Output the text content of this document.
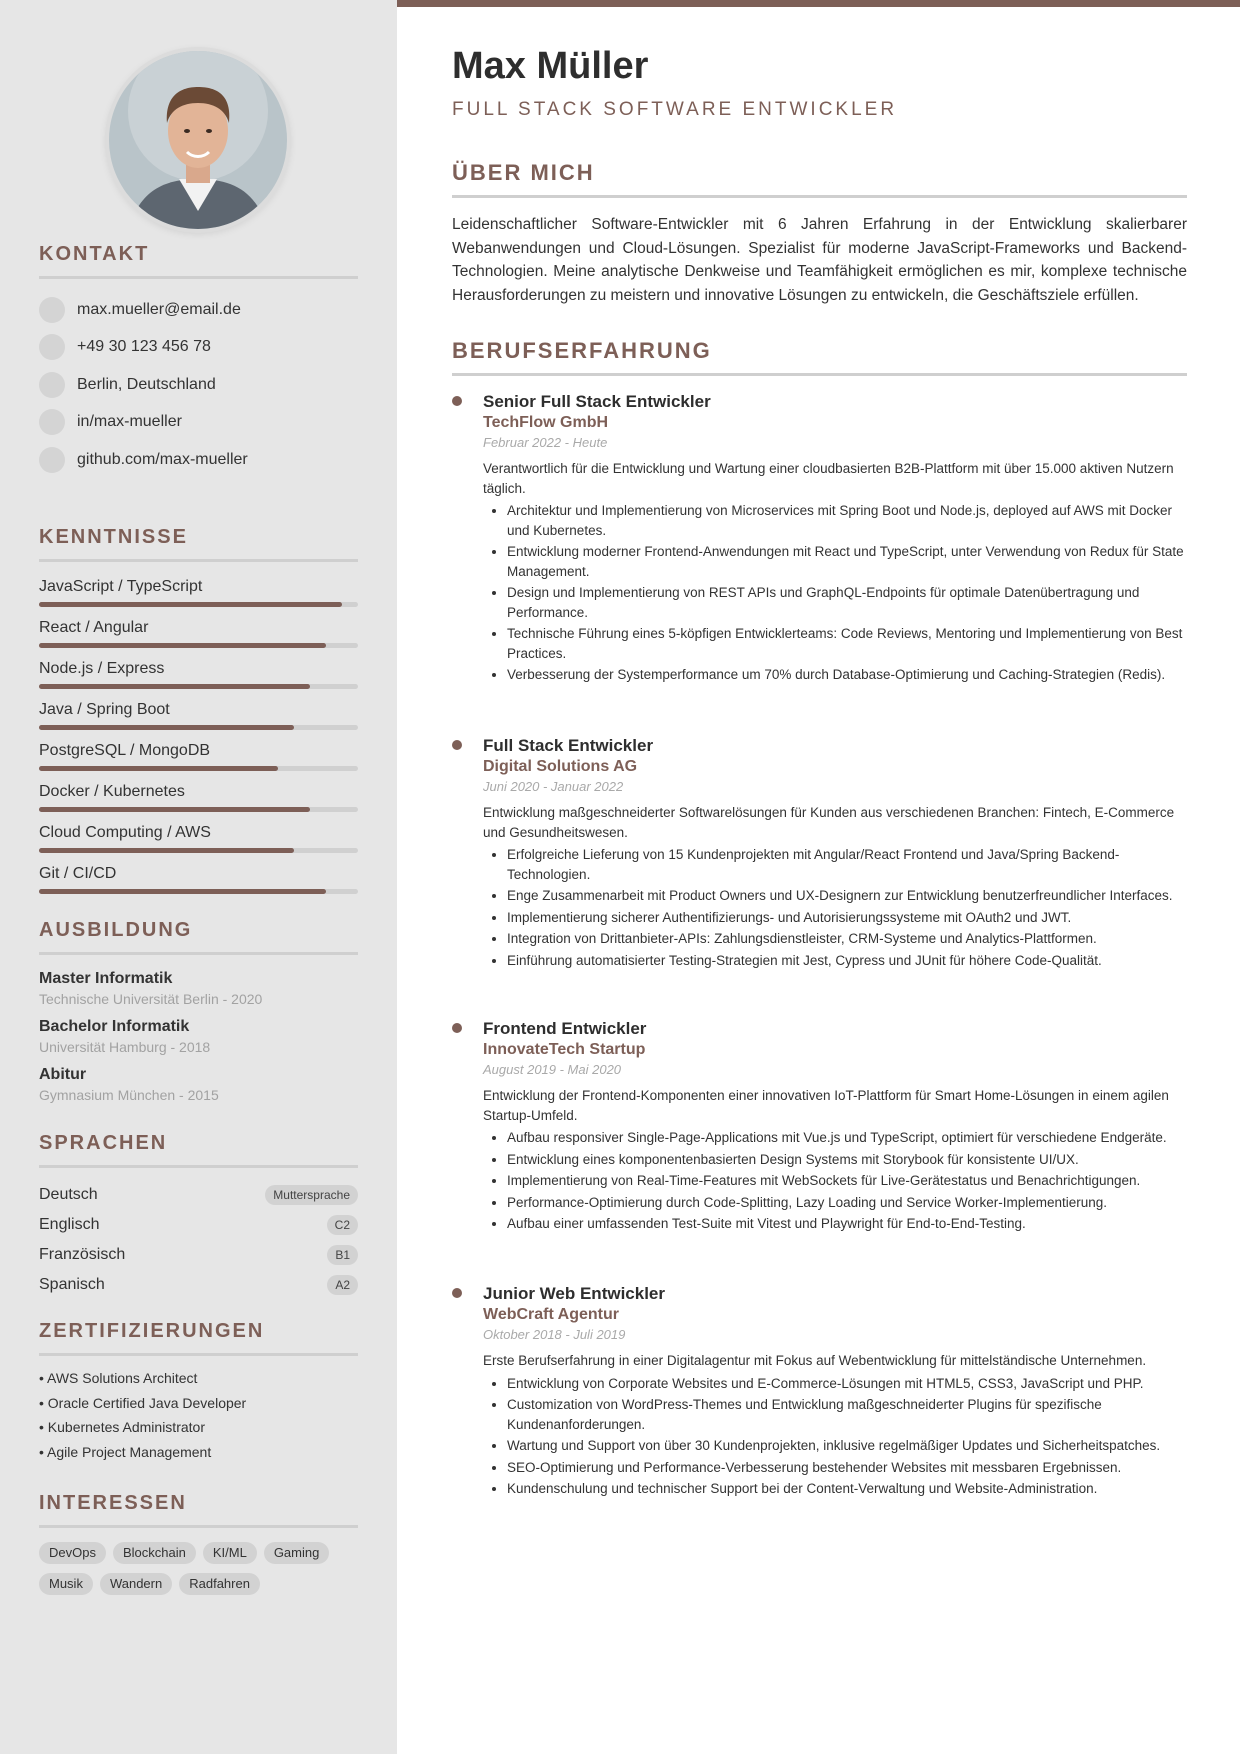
KONTAKT
max.mueller@email.de
+49 30 123 456 78
Berlin, Deutschland
in/max-mueller
github.com/max-mueller
KENNTNISSE
JavaScript / TypeScript
React / Angular
Node.js / Express
Java / Spring Boot
PostgreSQL / MongoDB
Docker / Kubernetes
Cloud Computing / AWS
Git / CI/CD
AUSBILDUNG
Master Informatik
Technische Universität Berlin - 2020
Bachelor Informatik
Universität Hamburg - 2018
Abitur
Gymnasium München - 2015
SPRACHEN
Deutsch	Muttersprache
Englisch	C2
Französisch	B1
Spanisch	A2
ZERTIFIZIERUNGEN
• AWS Solutions Architect
• Oracle Certified Java Developer
• Kubernetes Administrator
• Agile Project Management
INTERESSEN
DevOps	Blockchain	KI/ML	Gaming
Musik	Wandern	Radfahren
Max Müller
FULL STACK SOFTWARE ENTWICKLER
ÜBER MICH
Leidenschaftlicher Software-Entwickler mit 6 Jahren Erfahrung in der Entwicklung skalierbarer Webanwendungen und Cloud-Lösungen. Spezialist für moderne JavaScript-Frameworks und Backend-Technologien. Meine analytische Denkweise und Teamfähigkeit ermöglichen es mir, komplexe technische Herausforderungen zu meistern und innovative Lösungen zu entwickeln, die Geschäftsziele erfüllen.
BERUFSERFAHRUNG
Senior Full Stack Entwickler
TechFlow GmbH
Februar 2022 - Heute
Verantwortlich für die Entwicklung und Wartung einer cloudbasierten B2B-Plattform mit über 15.000 aktiven Nutzern täglich.
• Architektur und Implementierung von Microservices mit Spring Boot und Node.js, deployed auf AWS mit Docker und Kubernetes.
• Entwicklung moderner Frontend-Anwendungen mit React und TypeScript, unter Verwendung von Redux für State Management.
• Design und Implementierung von REST APIs und GraphQL-Endpoints für optimale Datenübertragung und Performance.
• Technische Führung eines 5-köpfigen Entwicklerteams: Code Reviews, Mentoring und Implementierung von Best Practices.
• Verbesserung der Systemperformance um 70% durch Database-Optimierung und Caching-Strategien (Redis).
Full Stack Entwickler
Digital Solutions AG
Juni 2020 - Januar 2022
Entwicklung maßgeschneiderter Softwarelösungen für Kunden aus verschiedenen Branchen: Fintech, E-Commerce und Gesundheitswesen.
• Erfolgreiche Lieferung von 15 Kundenprojekten mit Angular/React Frontend und Java/Spring Backend-Technologien.
• Enge Zusammenarbeit mit Product Owners und UX-Designern zur Entwicklung benutzerfreundlicher Interfaces.
• Implementierung sicherer Authentifizierungs- und Autorisierungssysteme mit OAuth2 und JWT.
• Integration von Drittanbieter-APIs: Zahlungsdienstleister, CRM-Systeme und Analytics-Plattformen.
• Einführung automatisierter Testing-Strategien mit Jest, Cypress und JUnit für höhere Code-Qualität.
Frontend Entwickler
InnovateTech Startup
August 2019 - Mai 2020
Entwicklung der Frontend-Komponenten einer innovativen IoT-Plattform für Smart Home-Lösungen in einem agilen Startup-Umfeld.
• Aufbau responsiver Single-Page-Applications mit Vue.js und TypeScript, optimiert für verschiedene Endgeräte.
• Entwicklung eines komponentenbasierten Design Systems mit Storybook für konsistente UI/UX.
• Implementierung von Real-Time-Features mit WebSockets für Live-Gerätestatus und Benachrichtigungen.
• Performance-Optimierung durch Code-Splitting, Lazy Loading und Service Worker-Implementierung.
• Aufbau einer umfassenden Test-Suite mit Vitest und Playwright für End-to-End-Testing.
Junior Web Entwickler
WebCraft Agentur
Oktober 2018 - Juli 2019
Erste Berufserfahrung in einer Digitalagentur mit Fokus auf Webentwicklung für mittelständische Unternehmen.
• Entwicklung von Corporate Websites und E-Commerce-Lösungen mit HTML5, CSS3, JavaScript und PHP.
• Customization von WordPress-Themes und Entwicklung maßgeschneiderter Plugins für spezifische Kundenanforderungen.
• Wartung und Support von über 30 Kundenprojekten, inklusive regelmäßiger Updates und Sicherheitspatches.
• SEO-Optimierung und Performance-Verbesserung bestehender Websites mit messbaren Ergebnissen.
• Kundenschulung und technischer Support bei der Content-Verwaltung und Website-Administration.
